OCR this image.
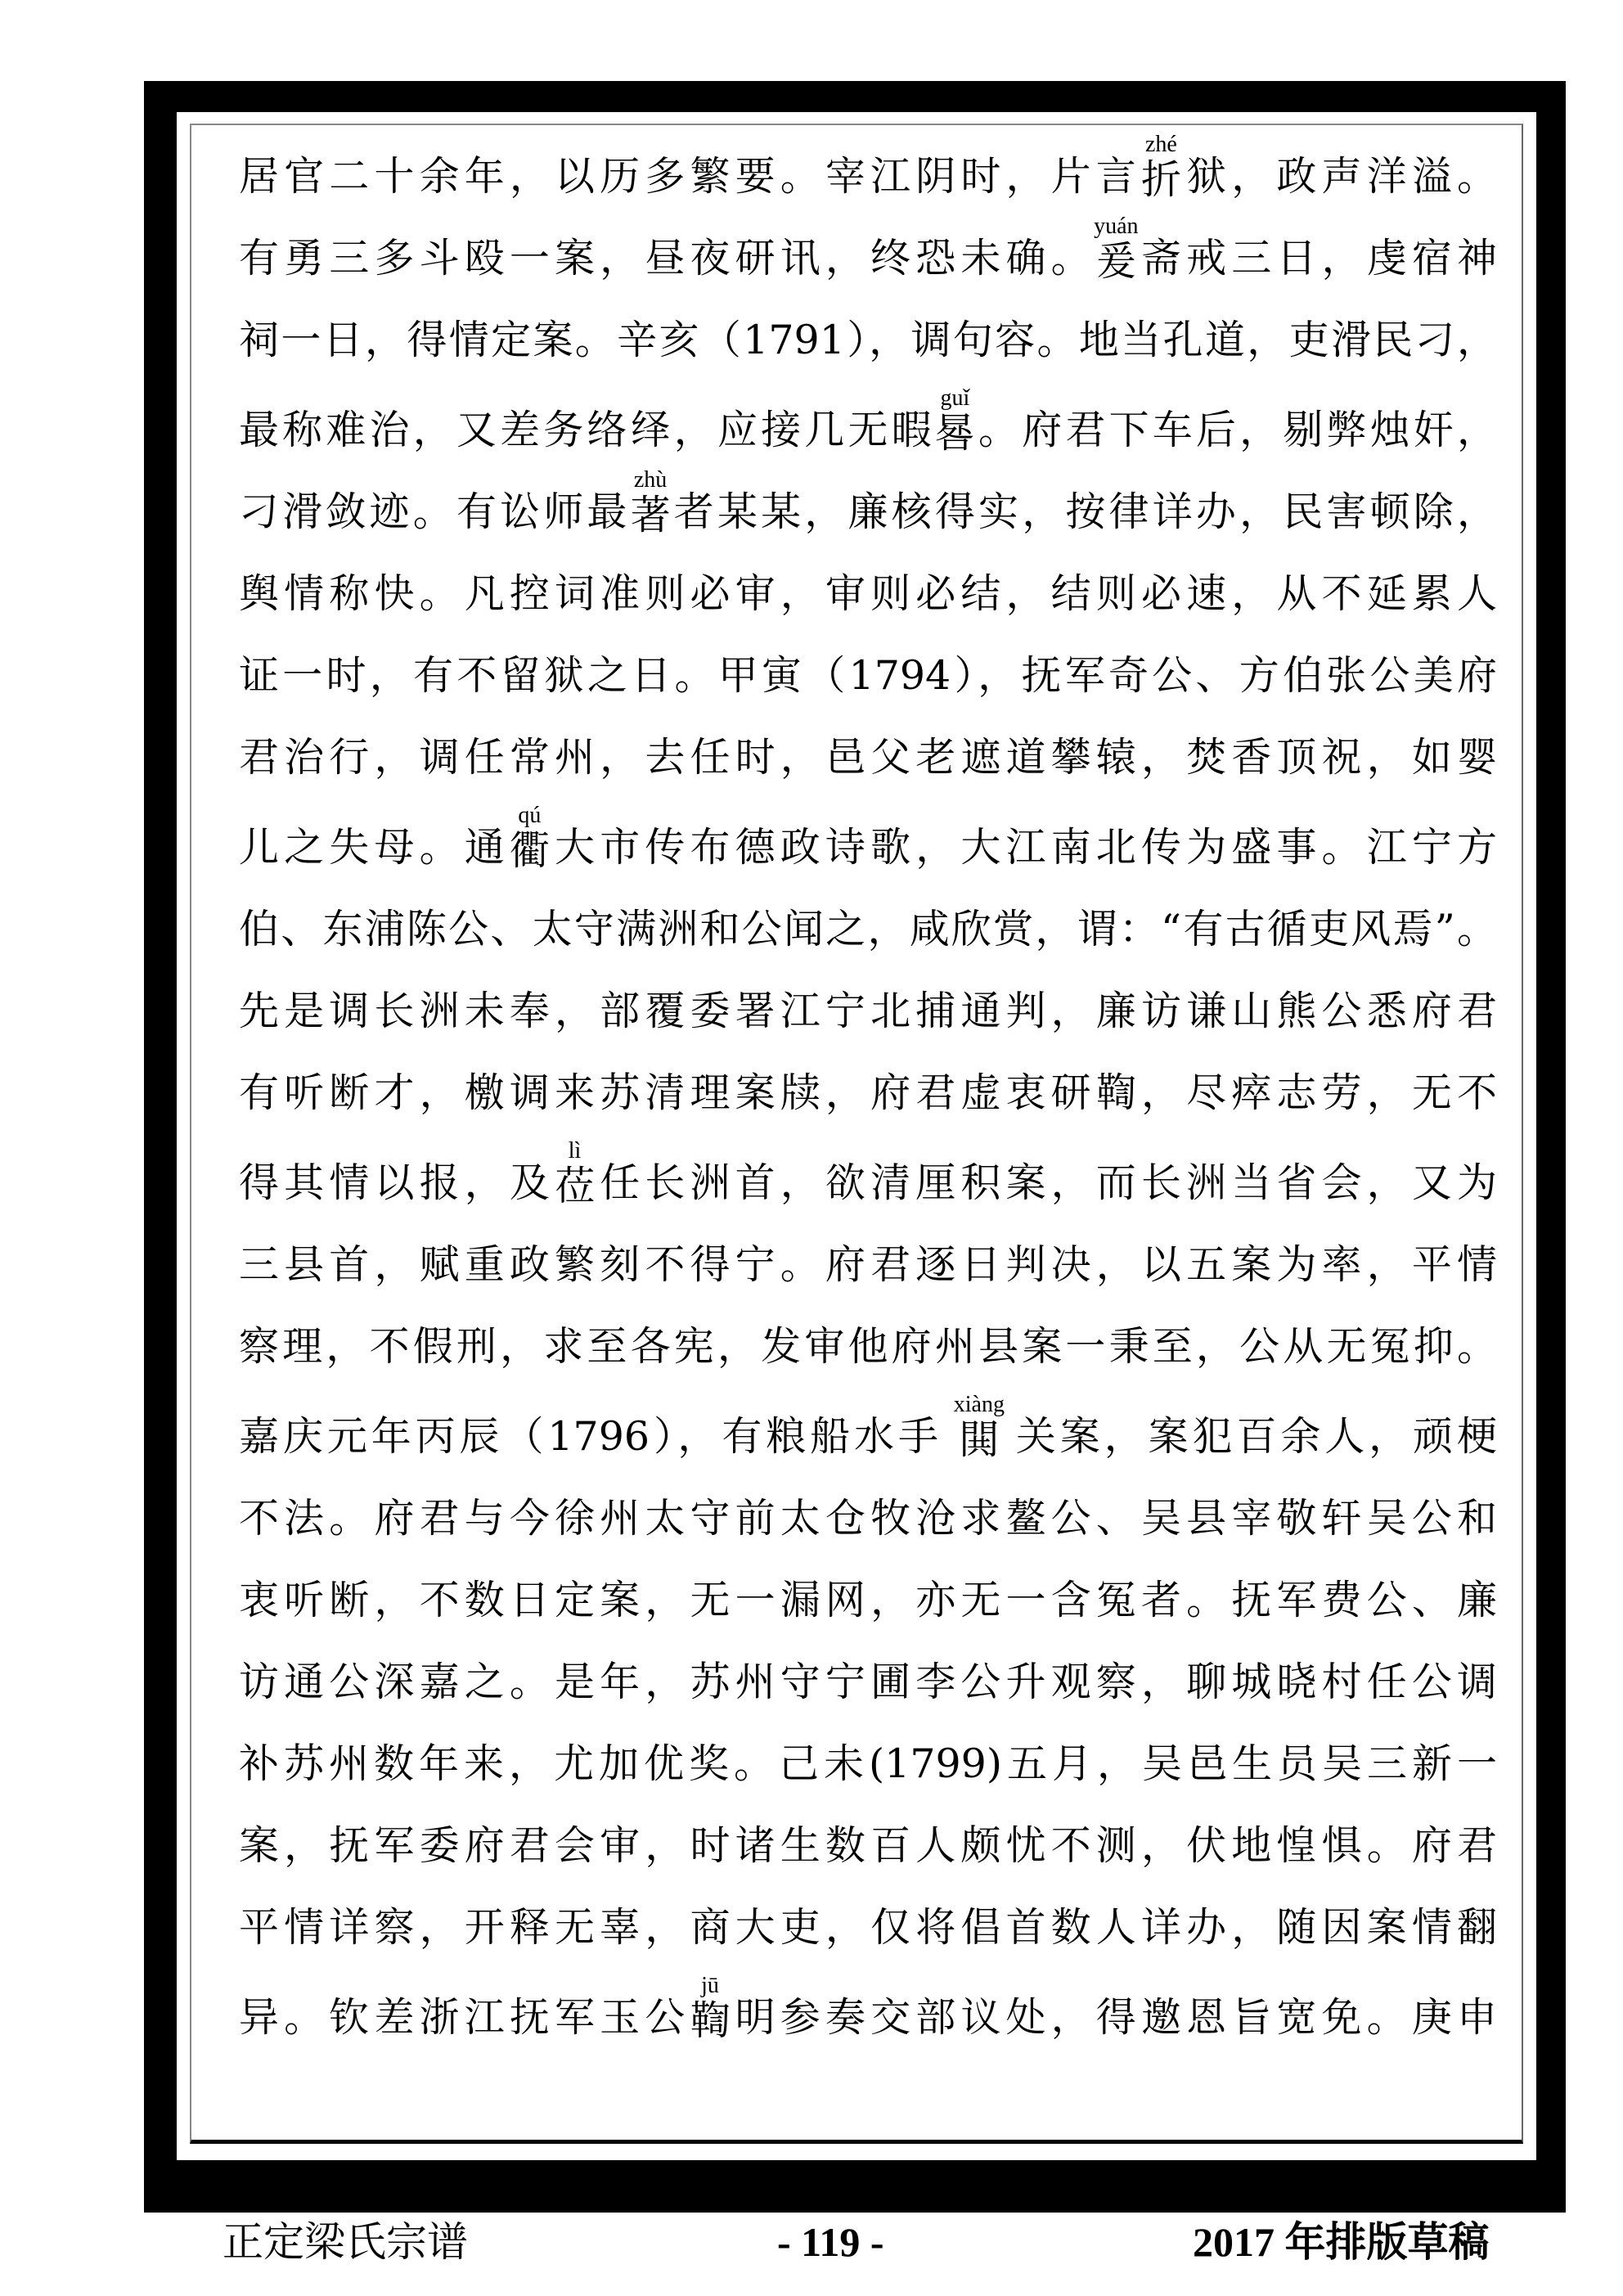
居官二十余年，以历多繁要。宰江阴时，片言
zhé
折狱，政声洋溢。
有勇三多斗殴一案，昼夜研讯，终恐未确。
yuán
爰斋戒三日，虔宿神
祠一日，得情定案。辛亥（1791），调句容。地当孔道，吏滑民刁，
最称难治，又差务络绎，应接几无暇
guǐ
晷。府君下车后，剔弊烛奸，
刁滑敛迹。有讼师最
zhù
著者某某，廉核得实，按律详办，民害顿除，
舆情称快。凡控词准则必审，审则必结，结则必速，从不延累人
证一时，有不留狱之日。甲寅（1794），抚军奇公、方伯张公美府
君治行，调任常州，去任时，邑父老遮道攀辕，焚香顶祝，如婴
儿之失母。通
qú
衢大市传布德政诗歌，大江南北传为盛事。江宁方
伯、东浦陈公、太守满洲和公闻之，咸欣赏，谓：“有古循吏风焉”。
先是调长洲未奉，部覆委署江宁北捕通判，廉访谦山熊公悉府君
有听断才，檄调来苏清理案牍，府君虚衷研鞫，尽瘁志劳，无不
得其情以报，及
lì
莅任长洲首，欲清厘积案，而长洲当省会，又为
三县首，赋重政繁刻不得宁。府君逐日判决，以五案为率，平情
察理，不假刑，求至各宪，发审他府州县案一秉至，公从无冤抑。
嘉庆元年丙辰（1796），有粮船水手
xiàng
閧 关案，案犯百余人，顽梗
不法。府君与今徐州太守前太仓牧沧求鳌公、吴县宰敬轩吴公和
衷听断，不数日定案，无一漏网，亦无一含冤者。抚军费公、廉
访通公深嘉之。是年，苏州守宁圃李公升观察，聊城晓村任公调
补苏州数年来，尤加优奖。己未(1799)五月，吴邑生员吴三新一
案，抚军委府君会审，时诸生数百人颇忧不测，伏地惶惧。府君
平情详察，开释无辜，商大吏，仅将倡首数人详办，随因案情翻
异。钦差浙江抚军玉公
jū
鞫明参奏交部议处，得邀恩旨宽免。庚申
正定梁氏宗谱	- 119 -	2017 年排版草稿
